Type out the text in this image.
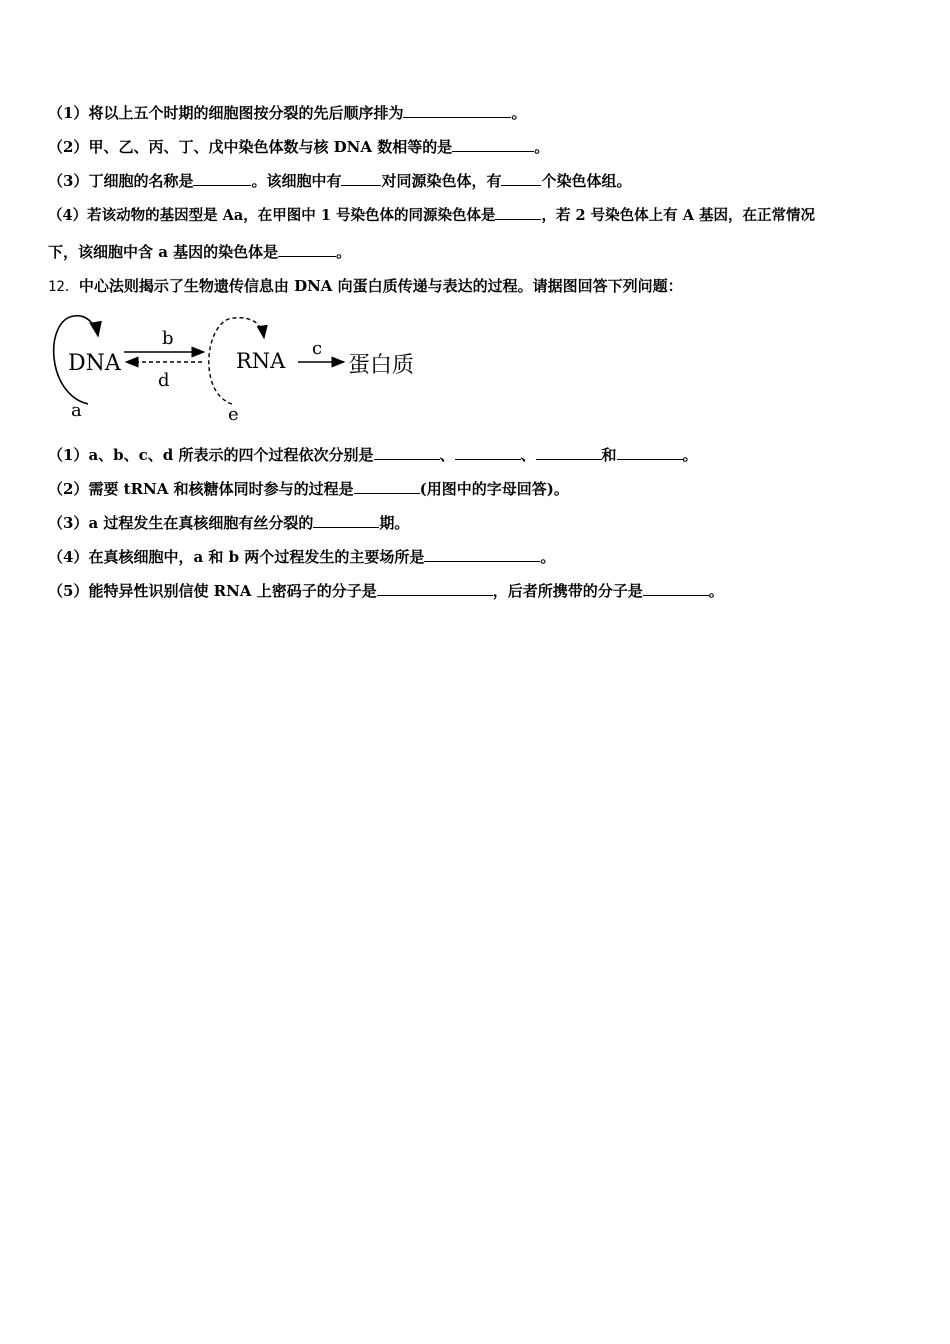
（1）将以上五个时期的细胞图按分裂的先后顺序排为	。
（2）甲、乙、丙、丁、戊中染色体数与核 DNA 数相等的是	。
（3）丁细胞的名称是	。该细胞中有	对同源染色体，有	个染色体组。
（4）若该动物的基因型是 Aa，在甲图中 1 号染色体的同源染色体是	，若 2 号染色体上有 A 基因，在正常情况
下，该细胞中含 a 基因的染色体是	。
12．中心法则揭示了生物遗传信息由 DNA 向蛋白质传递与表达的过程。请据图回答下列问题：
DNA
a
b
d
RNA
e
c
蛋白质
（1）a、b、c、d 所表示的四个过程依次分别是	、	、	和	。
（2）需要 tRNA 和核糖体同时参与的过程是	(用图中的字母回答)。
（3）a 过程发生在真核细胞有丝分裂的	期。
（4）在真核细胞中，a 和 b 两个过程发生的主要场所是	。
（5）能特异性识别信使 RNA 上密码子的分子是	，后者所携带的分子是	。
